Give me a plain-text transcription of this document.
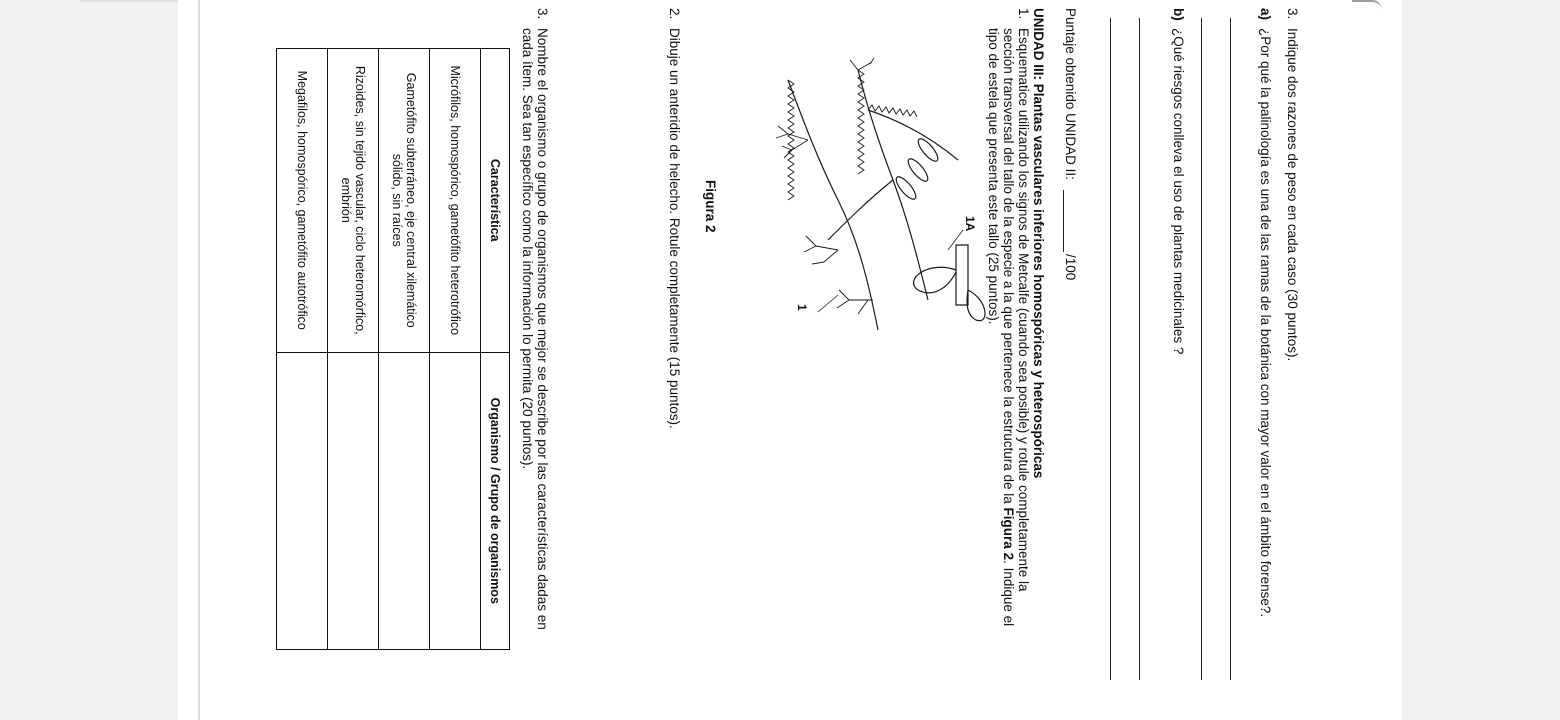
3.
Indique dos razones de peso en cada caso (30 puntos).
a)
¿Por qué la palinología es una de las ramas de la botánica con mayor valor en el ámbito forense?.
b)
¿Qué riesgos conlleva el uso de plantas medicinales ?
Puntaje obtenido UNIDAD II:
/100
UNIDAD III: Plantas vasculares inferiores homospóricas y heterospóricas
1.
Esquematice utilizando los signos de Metcalfe (cuando sea posible) y rotule completamente la
sección transversal del tallo de la especie a la que pertenece la estructura de la Figura 2. Indique el
tipo de estela que presenta este tallo (25 puntos).
1
1A
Figura 2
2.
Dibuje un anteridio de helecho. Rotule completamente (15 puntos).
3.
Nombre el organismo o grupo de organismos que mejor se describe por las características dadas en
cada ítem. Sea tan específico como la información lo permita (20 puntos).
Característica	Organismo / Grupo de organismos
Micrófilos, homospórico, gametófito heterotrófico	
Gametófito subterráneo, eje central xilemático sólido, sin raíces	
Rizoides, sin tejido vascular, ciclo heteromórfico, embrión	
Megafilos, homospórico, gametófito autotrófico	
